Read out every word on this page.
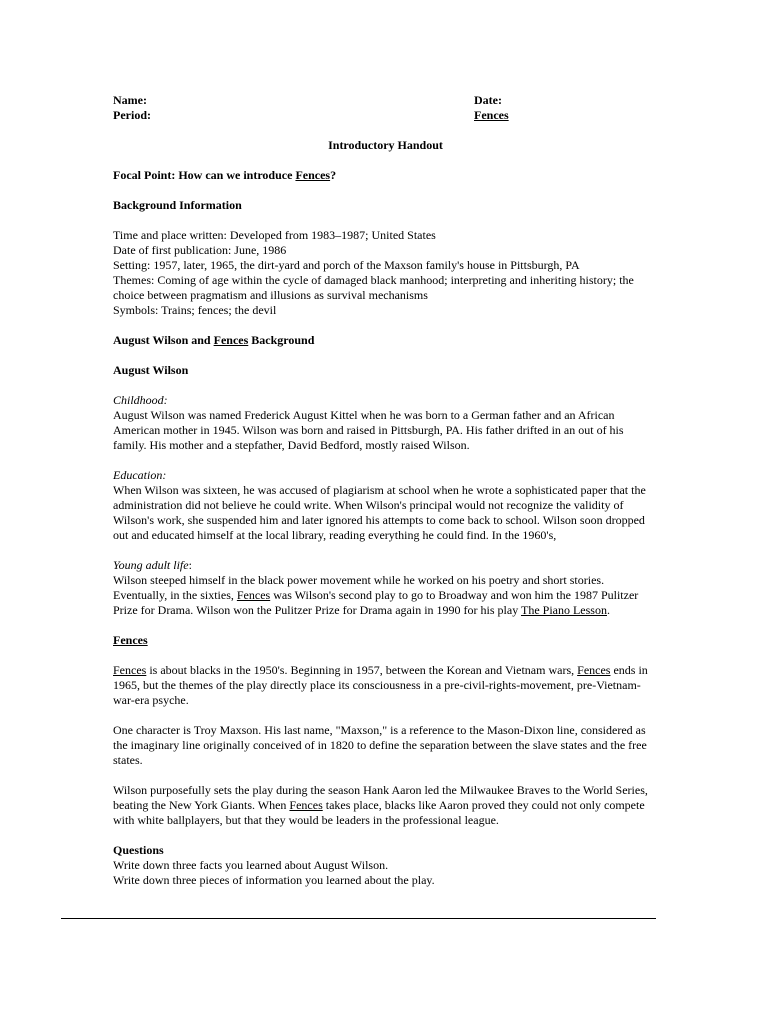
Name:	Date:
Period:	Fences

Introductory Handout

Focal Point: How can we introduce Fences?

Background Information

Time and place written: Developed from 1983–1987; United States

Date of first publication: June, 1986

Setting: 1957, later, 1965, the dirt-yard and porch of the Maxson family's house in Pittsburgh, PA

Themes: Coming of age within the cycle of damaged black manhood; interpreting and inheriting history; the choice between pragmatism and illusions as survival mechanisms

Symbols: Trains; fences; the devil

August Wilson and Fences Background

August Wilson

Childhood:

August Wilson was named Frederick August Kittel when he was born to a German father and an African American mother in 1945. Wilson was born and raised in Pittsburgh, PA. His father drifted in an out of his family. His mother and a stepfather, David Bedford, mostly raised Wilson.

Education:

When Wilson was sixteen, he was accused of plagiarism at school when he wrote a sophisticated paper that the administration did not believe he could write. When Wilson's principal would not recognize the validity of Wilson's work, she suspended him and later ignored his attempts to come back to school. Wilson soon dropped out and educated himself at the local library, reading everything he could find. In the 1960's,

Young adult life:

Wilson steeped himself in the black power movement while he worked on his poetry and short stories. Eventually, in the sixties, Fences was Wilson's second play to go to Broadway and won him the 1987 Pulitzer Prize for Drama. Wilson won the Pulitzer Prize for Drama again in 1990 for his play The Piano Lesson.

Fences

Fences is about blacks in the 1950's. Beginning in 1957, between the Korean and Vietnam wars, Fences ends in 1965, but the themes of the play directly place its consciousness in a pre-civil-rights-movement, pre-Vietnam-war-era psyche.

One character is Troy Maxson. His last name, "Maxson," is a reference to the Mason-Dixon line, considered as the imaginary line originally conceived of in 1820 to define the separation between the slave states and the free states.

Wilson purposefully sets the play during the season Hank Aaron led the Milwaukee Braves to the World Series, beating the New York Giants. When Fences takes place, blacks like Aaron proved they could not only compete with white ballplayers, but that they would be leaders in the professional league.

Questions

Write down three facts you learned about August Wilson.

Write down three pieces of information you learned about the play.
